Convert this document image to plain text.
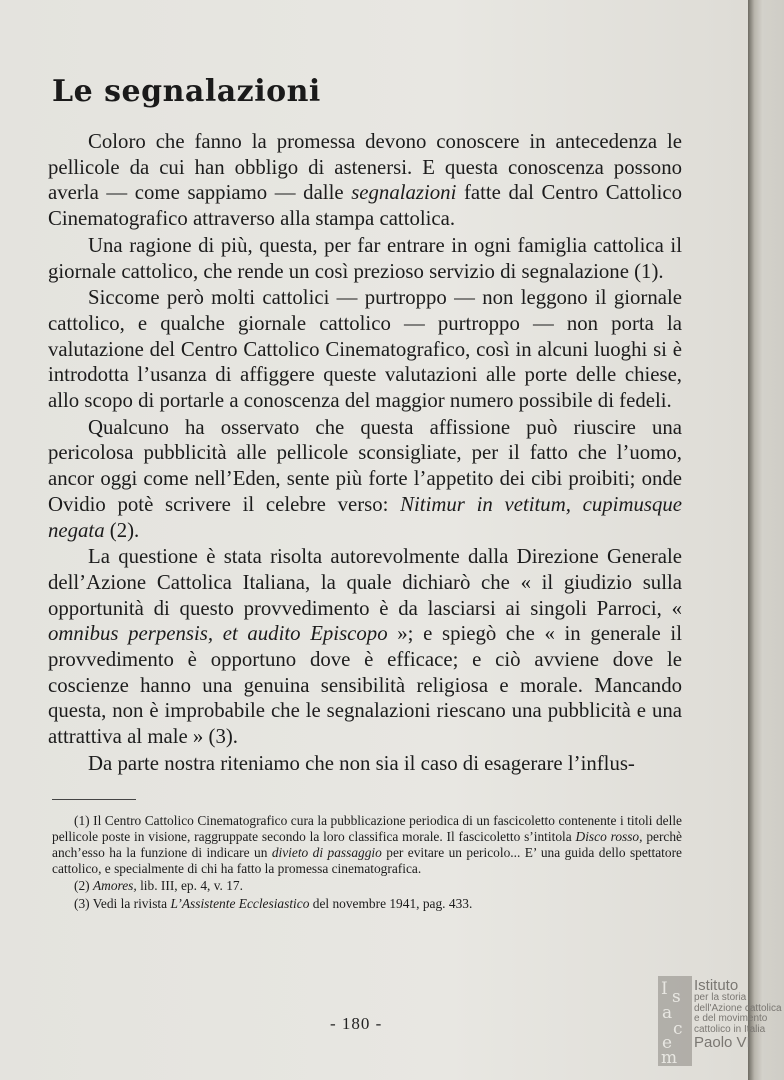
Le segnalazioni

Coloro che fanno la promessa devono conoscere in antecedenza le pellicole da cui han obbligo di astenersi. E questa conoscenza possono averla — come sappiamo — dalle segnalazioni fatte dal Centro Cattolico Cinematografico attraverso alla stampa cattolica.

Una ragione di più, questa, per far entrare in ogni famiglia cattolica il giornale cattolico, che rende un così prezioso servizio di segnalazione (1).

Siccome però molti cattolici — purtroppo — non leggono il giornale cattolico, e qualche giornale cattolico — purtroppo — non porta la valutazione del Centro Cattolico Cinematografico, così in alcuni luoghi si è introdotta l’usanza di affiggere queste valutazioni alle porte delle chiese, allo scopo di portarle a conoscenza del maggior numero possibile di fedeli.

Qualcuno ha osservato che questa affissione può riuscire una pericolosa pubblicità alle pellicole sconsigliate, per il fatto che l’uomo, ancor oggi come nell’Eden, sente più forte l’appetito dei cibi proibiti; onde Ovidio potè scrivere il celebre verso: Nitimur in vetitum, cupimusque negata (2).

La questione è stata risolta autorevolmente dalla Direzione Generale dell’Azione Cattolica Italiana, la quale dichiarò che « il giudizio sulla opportunità di questo provvedimento è da lasciarsi ai singoli Parroci, « omnibus perpensis, et audito Episcopo »; e spiegò che « in generale il provvedimento è opportuno dove è efficace; e ciò avviene dove le coscienze hanno una genuina sensibilità religiosa e morale. Mancando questa, non è improbabile che le segnalazioni riescano una pubblicità e una attrattiva al male » (3).

Da parte nostra riteniamo che non sia il caso di esagerare l’influs-

(1) Il Centro Cattolico Cinematografico cura la pubblicazione periodica di un fascicoletto contenente i titoli delle pellicole poste in visione, raggruppate secondo la loro classifica morale. Il fascicoletto s’intitola Disco rosso, perchè anch’esso ha la funzione di indicare un divieto di passaggio per evitare un pericolo... E’ una guida dello spettatore cattolico, e specialmente di chi ha fatto la promessa cinematografica.

(2) Amores, lib. III, ep. 4, v. 17.

(3) Vedi la rivista L’Assistente Ecclesiastico del novembre 1941, pag. 433.

- 180 -
I s
a
c
e
m
Istituto
per la storia
dell'Azione cattolica
e del movimento
cattolico in Italia
Paolo VI
